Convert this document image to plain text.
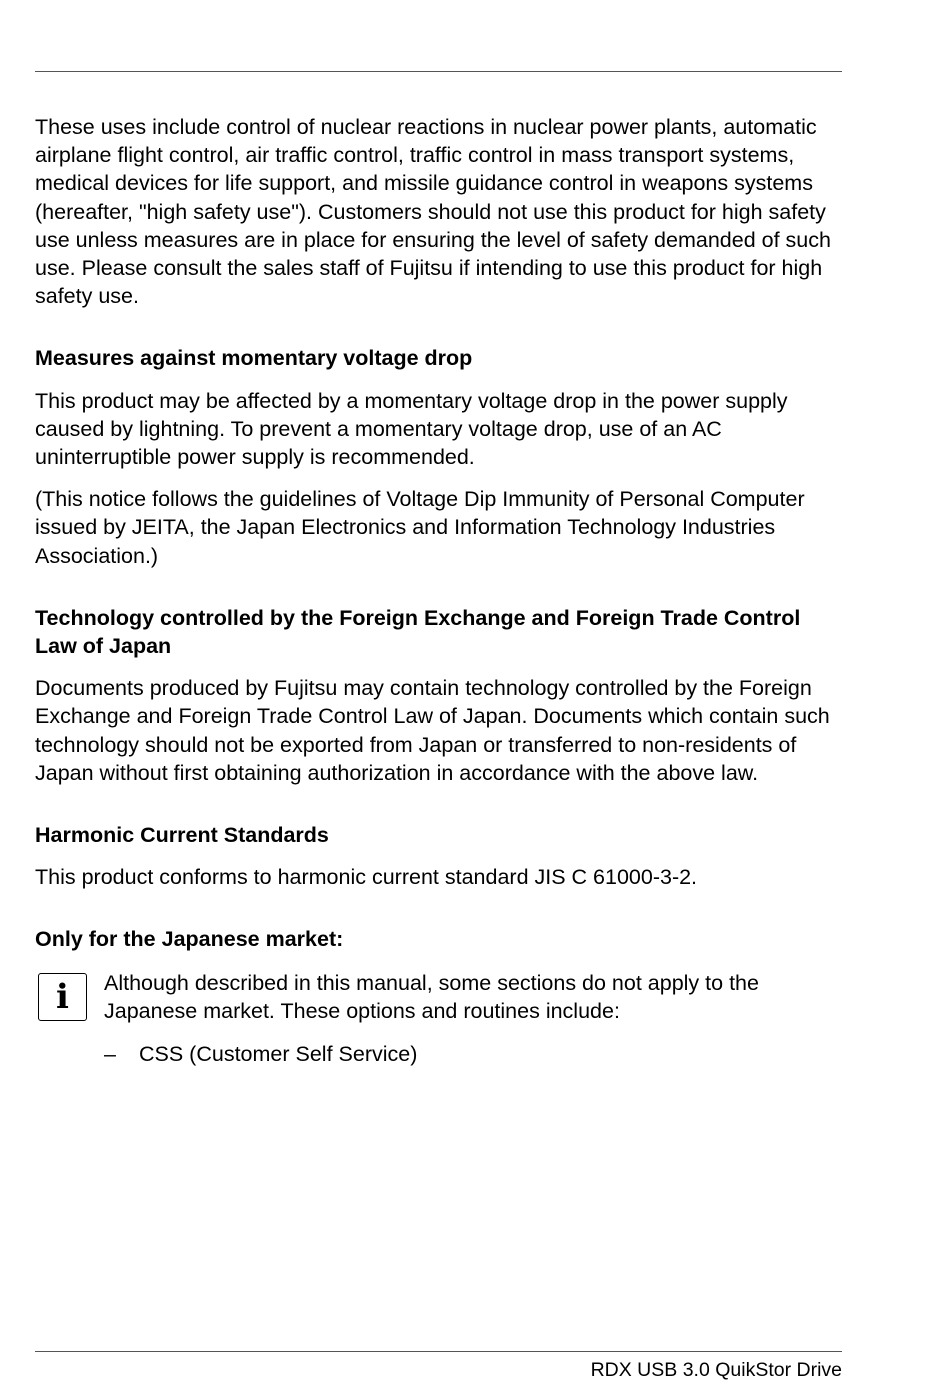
These uses include control of nuclear reactions in nuclear power plants, automatic airplane flight control, air traffic control, traffic control in mass transport systems, medical devices for life support, and missile guidance control in weapons systems (hereafter, "high safety use"). Customers should not use this product for high safety use unless measures are in place for ensuring the level of safety demanded of such use. Please consult the sales staff of Fujitsu if intending to use this product for high safety use.

Measures against momentary voltage drop

This product may be affected by a momentary voltage drop in the power supply caused by lightning. To prevent a momentary voltage drop, use of an AC uninterruptible power supply is recommended.

(This notice follows the guidelines of Voltage Dip Immunity of Personal Computer issued by JEITA, the Japan Electronics and Information Technology Industries Association.)

Technology controlled by the Foreign Exchange and Foreign Trade Control Law of Japan

Documents produced by Fujitsu may contain technology controlled by the Foreign Exchange and Foreign Trade Control Law of Japan. Documents which contain such technology should not be exported from Japan or transferred to non-residents of Japan without first obtaining authorization in accordance with the above law.

Harmonic Current Standards

This product conforms to harmonic current standard JIS C 61000-3-2.

Only for the Japanese market:
i	Although described in this manual, some sections do not apply to the Japanese market. These options and routines include:

– CSS (Customer Self Service)
RDX USB 3.0 QuikStor Drive
